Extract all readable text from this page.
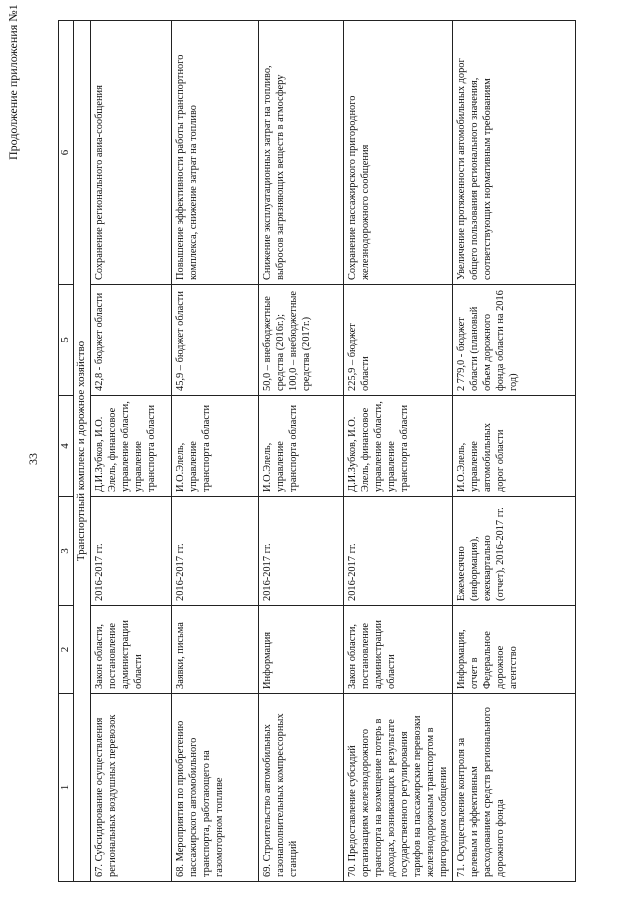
Продолжение приложения №1
33
1	2	3	4	5	6
Транспортный комплекс и дорожное хозяйство					
67. Субсидирование осуществления региональных воздушных перевозок	Закон области, постановление администрации области	2016-2017 гг.	Д.И.Зубков, И.О. Элель, финансовое управление области, управление транспорта области	42,8 - бюджет области	Сохранение регионального авиа-сообщения
68. Мероприятия по приобретению пассажирского автомобильного транспорта, работающего на газомоторном топливе	Заявки, письма	2016-2017 гг.	И.О.Элель, управление транспорта области	45,9 – бюджет области	Повышение эффективности работы транспортного комплекса, снижение затрат на топливо
69. Строительство автомобильных газонаполнительных компрессорных станций	Информация	2016-2017 гг.	И.О.Элель, управление транспорта области	50,0 – внебюджетные средства (2016г.); 100,0 – внебюджетные средства (2017г.)	Снижение эксплуатационных затрат на топливо, выбросов загрязняющих веществ в атмосферу
70. Предоставление субсидий организациям железнодорожного транспорта на возмещение потерь в доходах, возникающих в результате государственного регулирования тарифов на пассажирские перевозки железнодорожным транспортом в пригородном сообщении	Закон области, постановление администрации области	2016-2017 гг.	Д.И.Зубков, И.О. Элель, финансовое управление области, управление транспорта области	225,9 – бюджет области	Сохранение пассажирского пригородного железнодорожного сообщения
71. Осуществление контроля за целевым и эффективным расходованием средств регионального дорожного фонда	Информация, отчет в Федеральное дорожное агентство	Ежемесячно (информация), ежеквартально (отчет), 2016-2017 гг.	И.О.Элель, управление автомобильных дорог области	2 779,0 - бюджет области (плановый объем дорожного фонда области на 2016 год)	Увеличение протяженности автомобильных дорог общего пользования регионального значения, соответствующих нормативным требованиям
